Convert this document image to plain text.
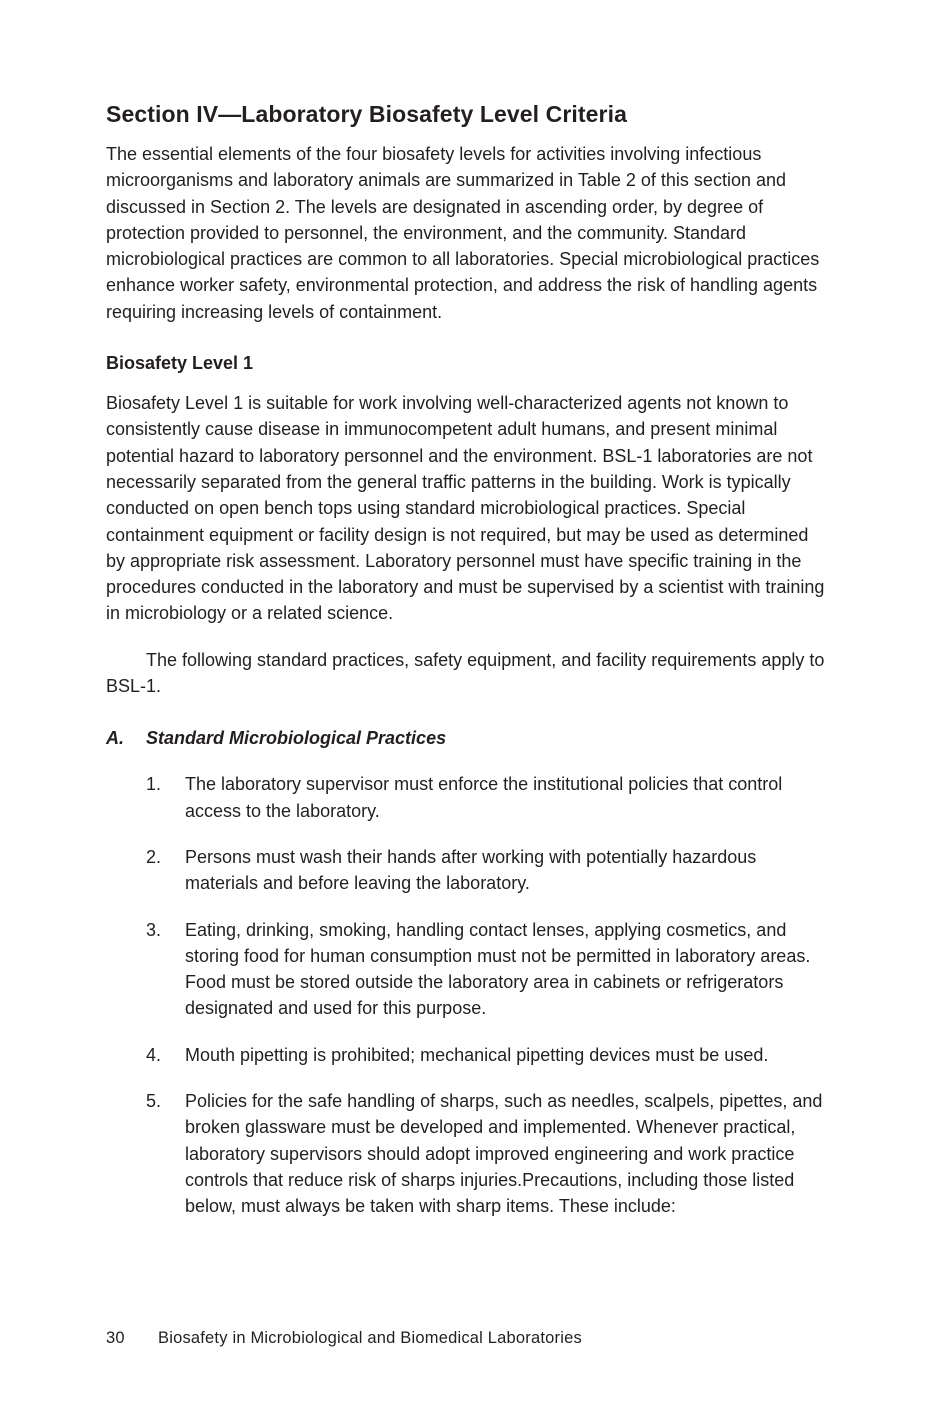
Section IV—Laboratory Biosafety Level Criteria

The essential elements of the four biosafety levels for activities involving infectious microorganisms and laboratory animals are summarized in Table 2 of this section and discussed in Section 2. The levels are designated in ascending order, by degree of protection provided to personnel, the environment, and the community. Standard microbiological practices are common to all laboratories. Special microbiological practices enhance worker safety, environmental protection, and address the risk of handling agents requiring increasing levels of containment.

Biosafety Level 1

Biosafety Level 1 is suitable for work involving well-characterized agents not known to consistently cause disease in immunocompetent adult humans, and present minimal potential hazard to laboratory personnel and the environment. BSL-1 laboratories are not necessarily separated from the general traffic patterns in the building. Work is typically conducted on open bench tops using standard microbiological practices. Special containment equipment or facility design is not required, but may be used as determined by appropriate risk assessment. Laboratory personnel must have specific training in the procedures conducted in the laboratory and must be supervised by a scientist with training in microbiology or a related science.

The following standard practices, safety equipment, and facility requirements apply to BSL-1.

A.	Standard Microbiological Practices
1.	The laboratory supervisor must enforce the institutional policies that control access to the laboratory.
2.	Persons must wash their hands after working with potentially hazardous materials and before leaving the laboratory.
3.	Eating, drinking, smoking, handling contact lenses, applying cosmetics, and storing food for human consumption must not be permitted in laboratory areas. Food must be stored outside the laboratory area in cabinets or refrigerators designated and used for this purpose.
4.	Mouth pipetting is prohibited; mechanical pipetting devices must be used.
5.	Policies for the safe handling of sharps, such as needles, scalpels, pipettes, and broken glassware must be developed and implemented. Whenever practical, laboratory supervisors should adopt improved engineering and work practice controls that reduce risk of sharps injuries.Precautions, including those listed below, must always be taken with sharp items. These include:
30	Biosafety in Microbiological and Biomedical Laboratories
